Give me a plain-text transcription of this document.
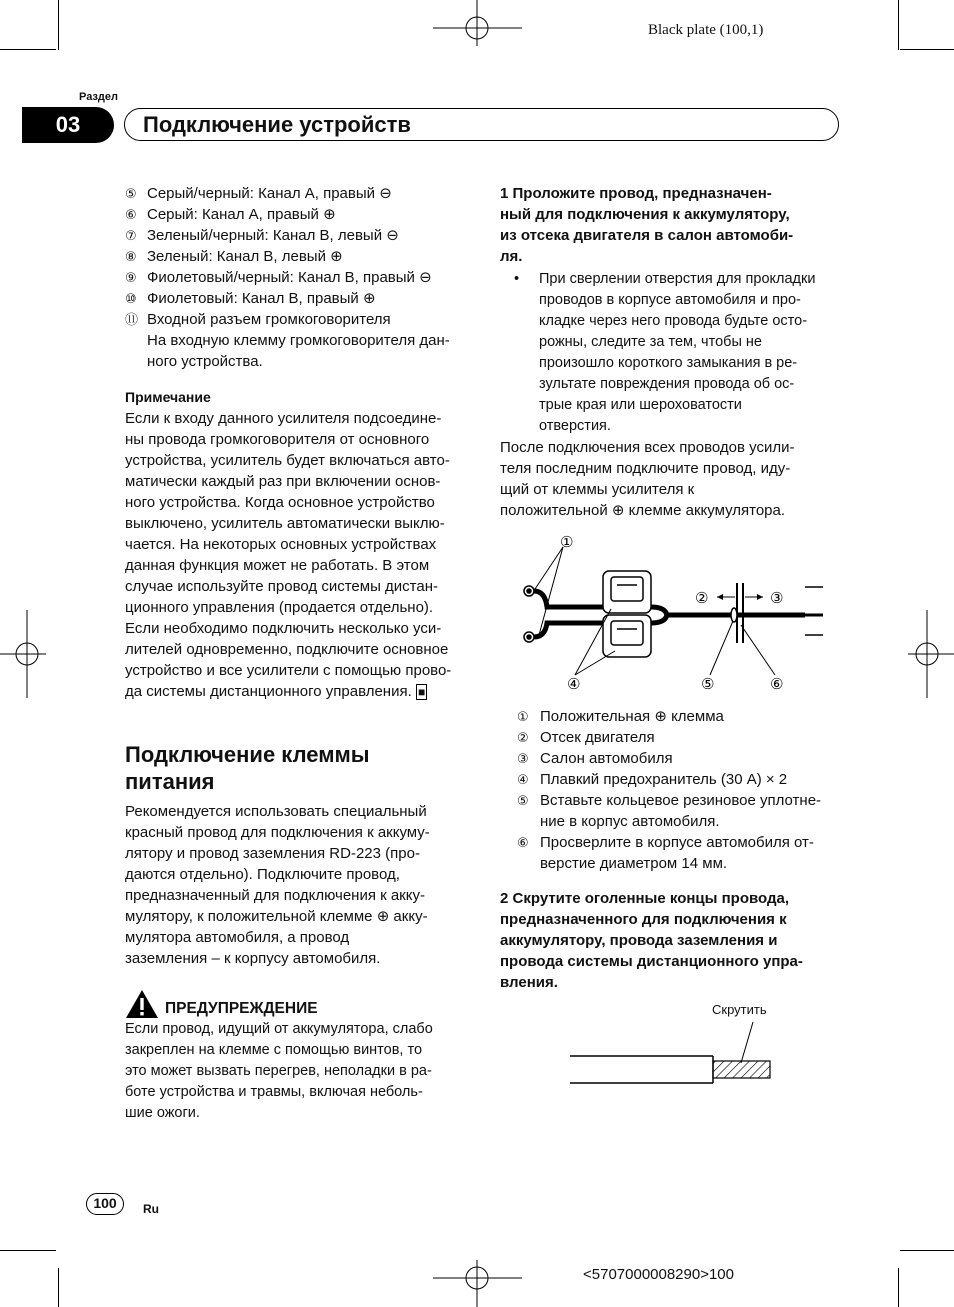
Black plate (100,1)
Раздел
03	Подключение устройств
⑤ Серый/черный: Канал A, правый ⊖
⑥ Серый: Канал A, правый ⊕
⑦ Зеленый/черный: Канал B, левый ⊖
⑧ Зеленый: Канал B, левый ⊕
⑨ Фиолетовый/черный: Канал B, правый ⊖
⑩ Фиолетовый: Канал B, правый ⊕
⑪ Входной разъем громкоговорителя
На входную клемму громкоговорителя дан-
ного устройства.
Примечание
Если к входу данного усилителя подсоедине-
ны провода громкоговорителя от основного
устройства, усилитель будет включаться авто-
матически каждый раз при включении основ-
ного устройства. Когда основное устройство
выключено, усилитель автоматически выклю-
чается. На некоторых основных устройствах
данная функция может не работать. В этом
случае используйте провод системы дистан-
ционного управления (продается отдельно).
Если необходимо подключить несколько уси-
лителей одновременно, подключите основное
устройство и все усилители с помощью прово-
да системы дистанционного управления. ■
Подключение клеммы
питания
Рекомендуется использовать специальный
красный провод для подключения к аккуму-
лятору и провод заземления RD-223 (про-
даются отдельно). Подключите провод,
предназначенный для подключения к акку-
мулятору, к положительной клемме ⊕ акку-
мулятора автомобиля, а провод
заземления – к корпусу автомобиля.
ПРЕДУПРЕЖДЕНИЕ
Если провод, идущий от аккумулятора, слабо
закреплен на клемме с помощью винтов, то
это может вызвать перегрев, неполадки в ра-
боте устройства и травмы, включая неболь-
шие ожоги.
1 Проложите провод, предназначен-
ный для подключения к аккумулятору,
из отсека двигателя в салон автомоби-
ля.
•	При сверлении отверстия для прокладки
проводов в корпусе автомобиля и про-
кладке через него провода будьте осто-
рожны, следите за тем, чтобы не
произошло короткого замыкания в ре-
зультате повреждения провода об ос-
трые края или шероховатости
отверстия.
После подключения всех проводов усили-
теля последним подключите провод, иду-
щий от клеммы усилителя к
положительной ⊕ клемме аккумулятора.
①
②	③
④	⑤	⑥
① Положительная ⊕ клемма
② Отсек двигателя
③ Салон автомобиля
④ Плавкий предохранитель (30 А) × 2
⑤ Вставьте кольцевое резиновое уплотне-
ние в корпус автомобиля.
⑥ Просверлите в корпусе автомобиля от-
верстие диаметром 14 мм.
2 Скрутите оголенные концы провода,
предназначенного для подключения к
аккумулятору, провода заземления и
провода системы дистанционного упра-
вления.
Скрутить
100	Ru
<5707000008290>100
